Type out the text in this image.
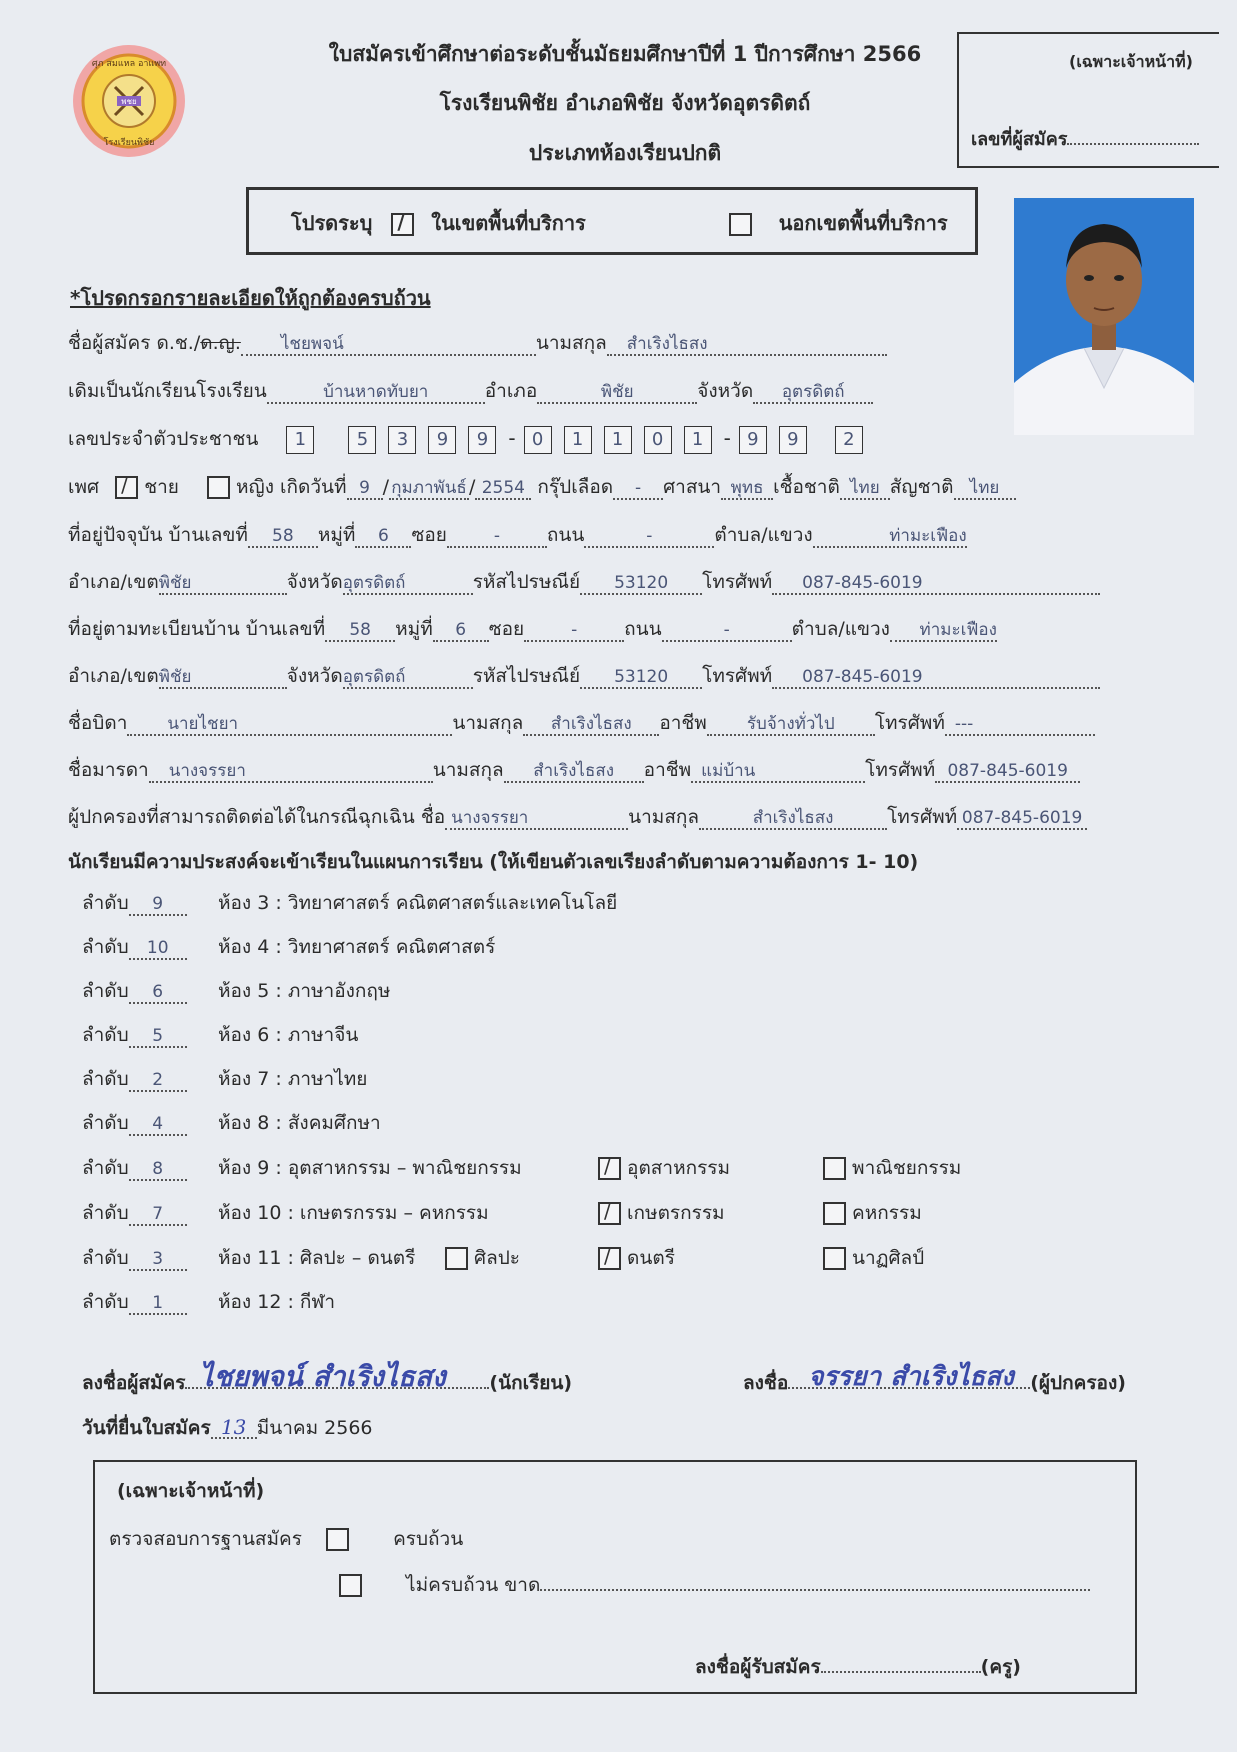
พชย
ศุภ สมแหล อาแพท
โรงเรียนพิชัย
ใบสมัครเข้าศึกษาต่อระดับชั้นมัธยมศึกษาปีที่ 1 ปีการศึกษา 2566
โรงเรียนพิชัย อำเภอพิชัย จังหวัดอุตรดิตถ์
ประเภทห้องเรียนปกติ
(เฉพาะเจ้าหน้าที่)
เลขที่ผู้สมัคร
โปรดระบุ /	ในเขตพื้นที่บริการ	นอกเขตพื้นที่บริการ
*โปรดกรอกรายละเอียดให้ถูกต้องครบถ้วน
ชื่อผู้สมัคร ด.ช./ด.ญ. ไชยพจน์	นามสกุล สำเริงไธสง
เดิมเป็นนักเรียนโรงเรียน	บ้านหาดทับยา	อำเภอ	พิชัย	จังหวัด อุตรดิตถ์
เลขประจำตัวประชาชน 1	5 3 9 9 - 0 1 1 0 1 - 9 9 2
เพศ / ชาย	หญิง เกิดวันที่ 9 / กุมภาพันธ์ / 2554 กรุ๊ปเลือด - ศาสนา พุทธ เชื้อชาติ ไทย สัญชาติ ไทย
ที่อยู่ปัจจุบัน บ้านเลขที่ 58 หมู่ที่ 6 ซอย	- ถนน	-	ตำบล/แขวง	ท่ามะเฟือง
อำเภอ/เขตพิชัย	จังหวัดอุตรดิตถ์	รหัสไปรษณีย์ 53120 โทรศัพท์ 087-845-6019
ที่อยู่ตามทะเบียนบ้าน บ้านเลขที่ 58 หมู่ที่ 6 ซอย	- ถนน	-	ตำบล/แขวง ท่ามะเฟือง
อำเภอ/เขตพิชัย	จังหวัดอุตรดิตถ์	รหัสไปรษณีย์ 53120 โทรศัพท์ 087-845-6019
ชื่อบิดา นายไชยา	นามสกุล สำเริงไธสง อาชีพ รับจ้างทั่วไป โทรศัพท์ ---
ชื่อมารดา นางจรรยา	นามสกุล สำเริงไธสง อาชีพ แม่บ้าน	โทรศัพท์ 087-845-6019
ผู้ปกครองที่สามารถติดต่อได้ในกรณีฉุกเฉิน ชื่อ นางจรรยา	นามสกุล	สำเริงไธสง	โทรศัพท์ 087-845-6019
นักเรียนมีความประสงค์จะเข้าเรียนในแผนการเรียน (ให้เขียนตัวเลขเรียงลำดับตามความต้องการ 1- 10)
ลำดับ 9	ห้อง 3 : วิทยาศาสตร์ คณิตศาสตร์และเทคโนโลยี
ลำดับ 10	ห้อง 4 : วิทยาศาสตร์ คณิตศาสตร์
ลำดับ 6	ห้อง 5 : ภาษาอังกฤษ
ลำดับ 5	ห้อง 6 : ภาษาจีน
ลำดับ 2	ห้อง 7 : ภาษาไทย
ลำดับ 4	ห้อง 8 : สังคมศึกษา
ลำดับ 8	ห้อง 9 : อุตสาหกรรม – พาณิชยกรรม /	อุตสาหกรรม	พาณิชยกรรม
ลำดับ 7	ห้อง 10 : เกษตรกรรม – คหกรรม /	เกษตรกรรม	คหกรรม
ลำดับ 3	ห้อง 11 : ศิลปะ – ดนตรี	ศิลปะ /	ดนตรี	นาฏศิลป์
ลำดับ 1	ห้อง 12 : กีฬา
ลงชื่อผู้สมัคร ไชยพจน์ สำเริงไธสง (นักเรียน)	ลงชื่อ จรรยา สำเริงไธสง (ผู้ปกครอง)
วันที่ยื่นใบสมัคร 13 มีนาคม 2566
(เฉพาะเจ้าหน้าที่)
ตรวจสอบการฐานสมัคร	ครบถ้วน
ไม่ครบถ้วน ขาด
ลงชื่อผู้รับสมัคร	(ครู)
